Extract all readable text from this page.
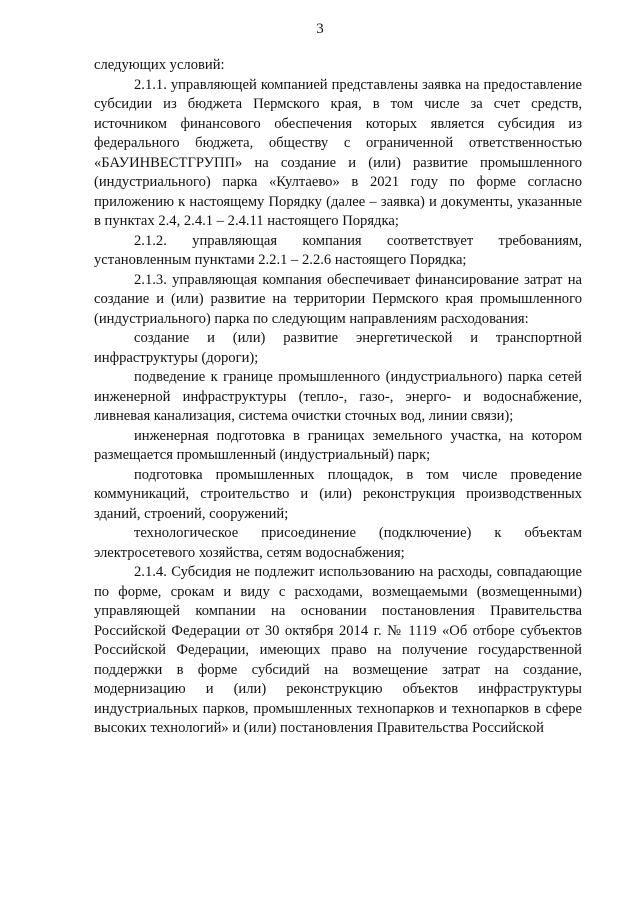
3

следующих условий:

2.1.1. управляющей компанией представлены заявка на предоставление субсидии из бюджета Пермского края, в том числе за счет средств, источником финансового обеспечения которых является субсидия из федерального бюджета, обществу с ограниченной ответственностью «БАУИНВЕСТГРУПП» на создание и (или) развитие промышленного (индустриального) парка «Култаево» в 2021 году по форме согласно приложению к настоящему Порядку (далее – заявка) и документы, указанные в пунктах 2.4, 2.4.1 – 2.4.11 настоящего Порядка;

2.1.2. управляющая компания соответствует требованиям, установленным пунктами 2.2.1 – 2.2.6 настоящего Порядка;

2.1.3. управляющая компания обеспечивает финансирование затрат на создание и (или) развитие на территории Пермского края промышленного (индустриального) парка по следующим направлениям расходования:

создание и (или) развитие энергетической и транспортной инфраструктуры (дороги);

подведение к границе промышленного (индустриального) парка сетей инженерной инфраструктуры (тепло-, газо-, энерго- и водоснабжение, ливневая канализация, система очистки сточных вод, линии связи);

инженерная подготовка в границах земельного участка, на котором размещается промышленный (индустриальный) парк;

подготовка промышленных площадок, в том числе проведение коммуникаций, строительство и (или) реконструкция производственных зданий, строений, сооружений;

технологическое присоединение (подключение) к объектам электросетевого хозяйства, сетям водоснабжения;

2.1.4. Субсидия не подлежит использованию на расходы, совпадающие по форме, срокам и виду с расходами, возмещаемыми (возмещенными) управляющей компании на основании постановления Правительства Российской Федерации от 30 октября 2014 г. № 1119 «Об отборе субъектов Российской Федерации, имеющих право на получение государственной поддержки в форме субсидий на возмещение затрат на создание, модернизацию и (или) реконструкцию объектов инфраструктуры индустриальных парков, промышленных технопарков и технопарков в сфере высоких технологий» и (или) постановления Правительства Российской
